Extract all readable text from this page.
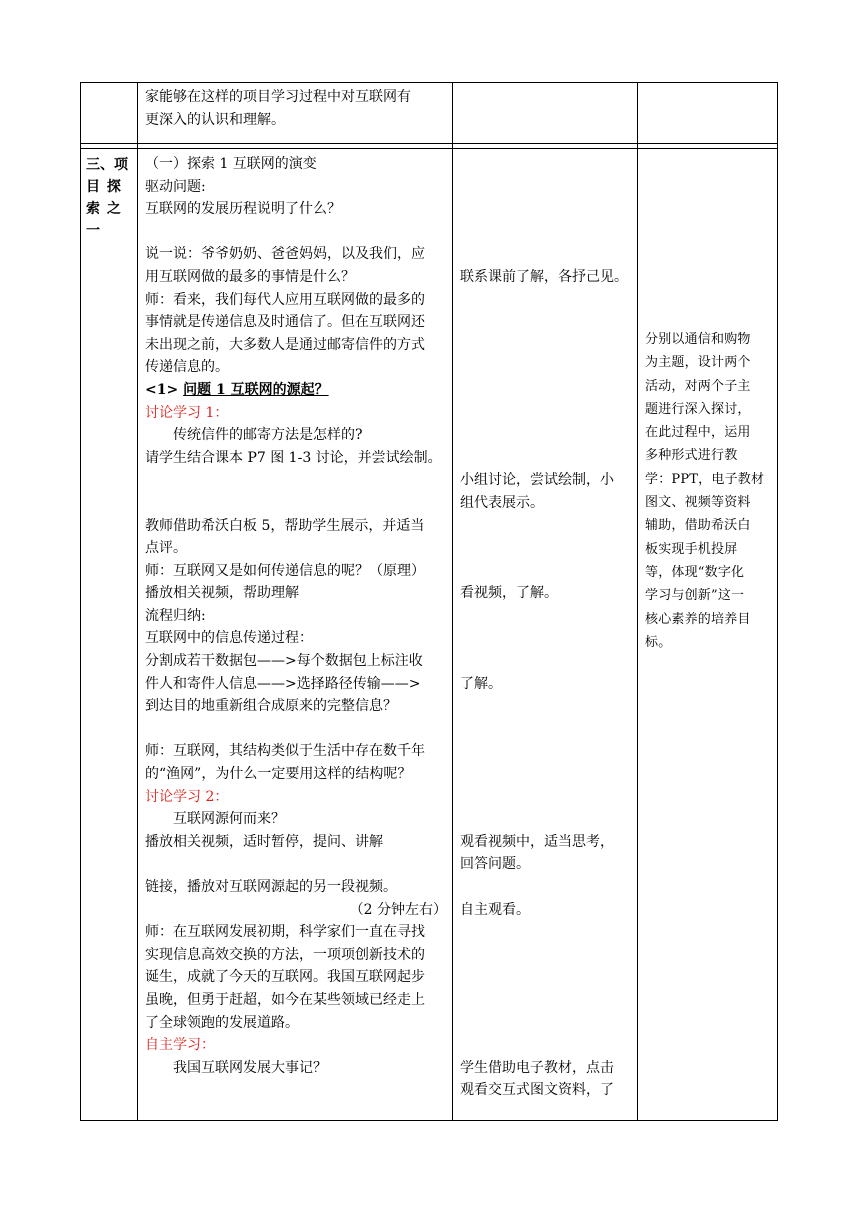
家能够在这样的项目学习过程中对互联网有
更深入的认识和理解。
三、项
目 探
索 之
一
（一）探索 1 互联网的演变
驱动问题:
互联网的发展历程说明了什么？
说一说：爷爷奶奶、爸爸妈妈，以及我们，应
用互联网做的最多的事情是什么？
师：看来，我们每代人应用互联网做的最多的
事情就是传递信息及时通信了。但在互联网还
未出现之前，大多数人是通过邮寄信件的方式
传递信息的。
<1> 问题 1 互联网的源起？
讨论学习 1：
传统信件的邮寄方法是怎样的?
请学生结合课本 P7 图 1-3 讨论，并尝试绘制。
教师借助希沃白板 5，帮助学生展示，并适当
点评。
师：互联网又是如何传递信息的呢？（原理）
播放相关视频，帮助理解
流程归纳:
互联网中的信息传递过程：
分割成若干数据包——>每个数据包上标注收
件人和寄件人信息——>选择路径传输——>
到达目的地重新组合成原来的完整信息？
师：互联网，其结构类似于生活中存在数千年
的“渔网”，为什么一定要用这样的结构呢？
讨论学习 2：
互联网源何而来？
播放相关视频，适时暂停，提问、讲解
链接，播放对互联网源起的另一段视频。
（2 分钟左右）
师：在互联网发展初期，科学家们一直在寻找
实现信息高效交换的方法，一项项创新技术的
诞生，成就了今天的互联网。我国互联网起步
虽晚，但勇于赶超，如今在某些领域已经走上
了全球领跑的发展道路。
自主学习：
我国互联网发展大事记？
联系课前了解，各抒己见。
小组讨论，尝试绘制，小
组代表展示。
看视频，了解。
了解。
观看视频中，适当思考，
回答问题。
自主观看。
学生借助电子教材，点击
观看交互式图文资料，了
分别以通信和购物
为主题，设计两个
活动，对两个子主
题进行深入探讨，
在此过程中，运用
多种形式进行教
学：PPT，电子教材
图文、视频等资料
辅助，借助希沃白
板实现手机投屏
等，体现“数字化
学习与创新”这一
核心素养的培养目
标。
